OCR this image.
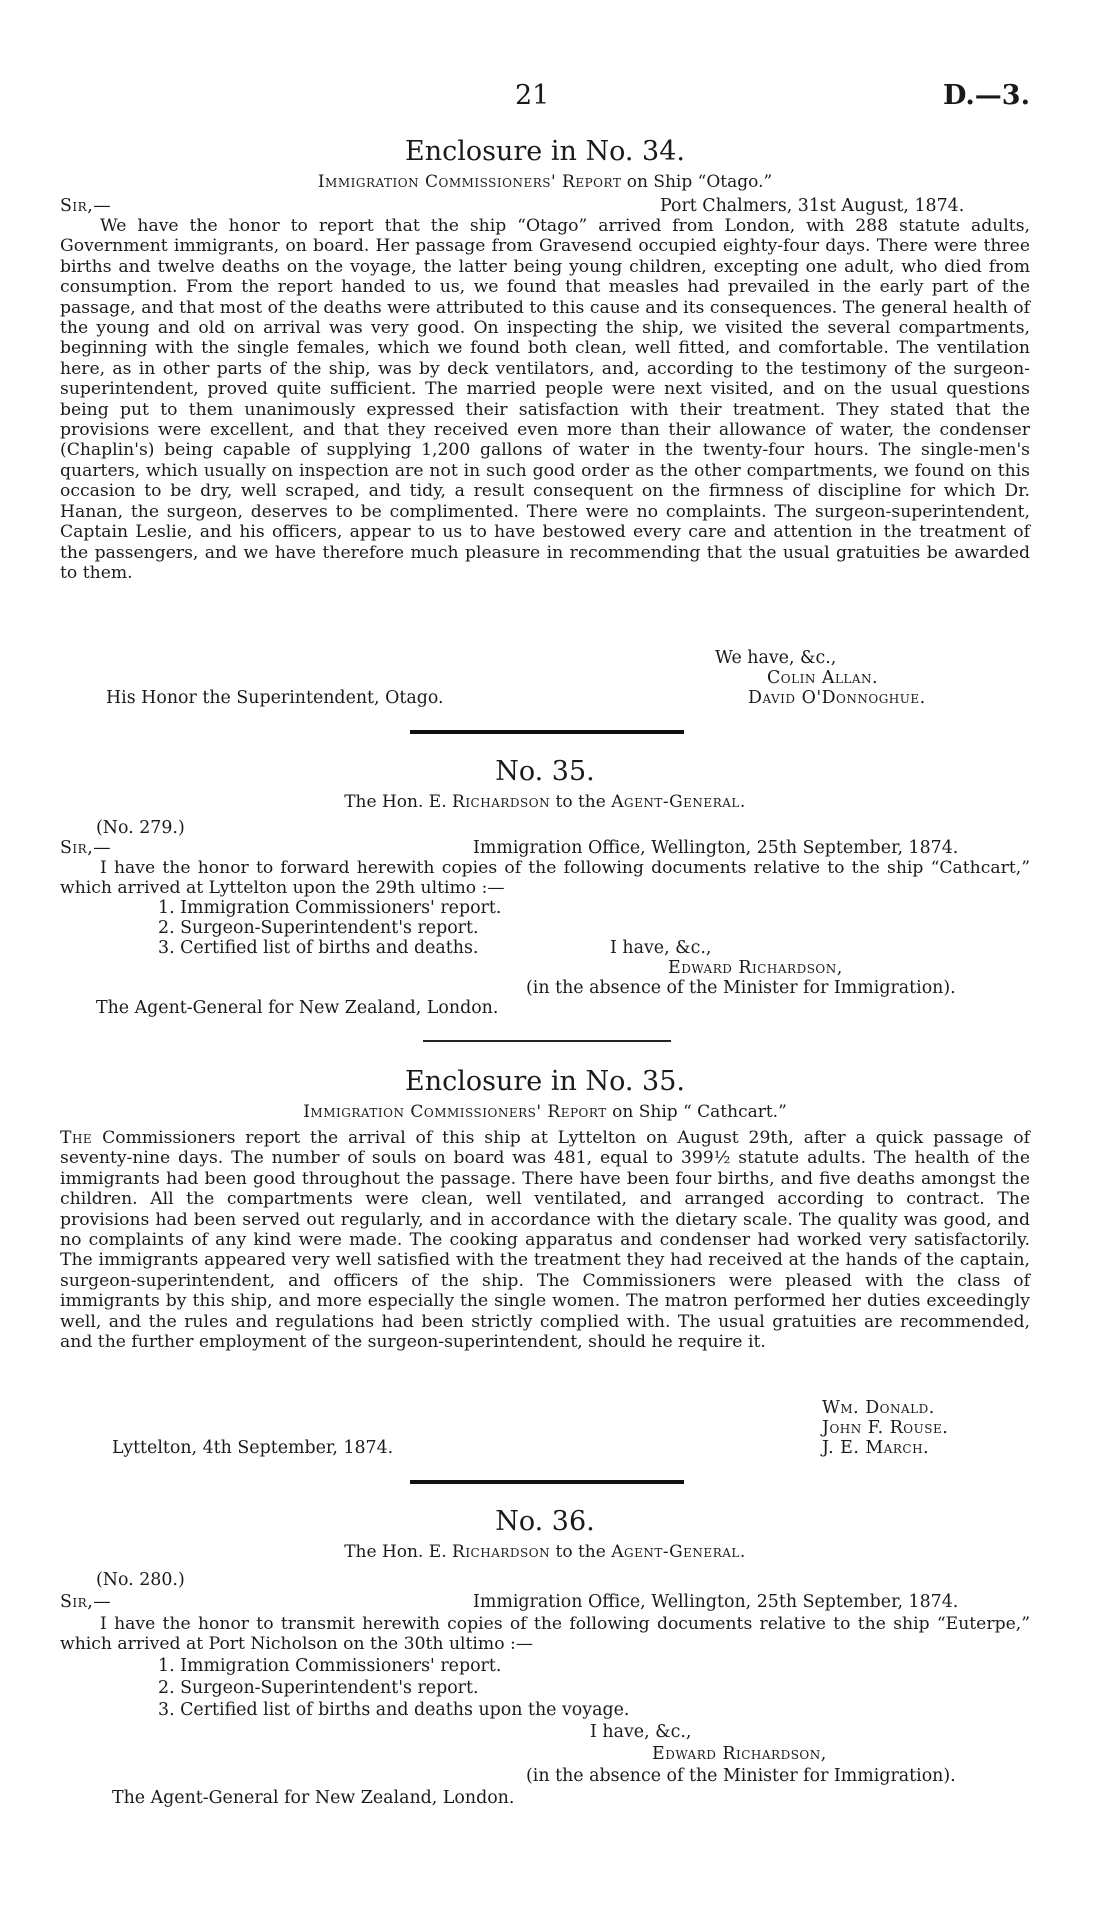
21	D.—3.
Enclosure in No. 34.
Immigration Commissioners' Report on Ship “Otago.”
Sir,—	Port Chalmers, 31st August, 1874.

We have the honor to report that the ship “Otago” arrived from London, with 288 statute adults, Government immigrants, on board. Her passage from Gravesend occupied eighty-four days. There were three births and twelve deaths on the voyage, the latter being young children, excepting one adult, who died from consumption. From the report handed to us, we found that measles had prevailed in the early part of the passage, and that most of the deaths were attributed to this cause and its consequences. The general health of the young and old on arrival was very good. On inspecting the ship, we visited the several compartments, beginning with the single females, which we found both clean, well fitted, and comfortable. The ventilation here, as in other parts of the ship, was by deck ventilators, and, according to the testimony of the surgeon-superintendent, proved quite sufficient. The married people were next visited, and on the usual questions being put to them unanimously expressed their satisfaction with their treatment. They stated that the provisions were excellent, and that they received even more than their allowance of water, the condenser (Chaplin's) being capable of supplying 1,200 gallons of water in the twenty-four hours. The single-men's quarters, which usually on inspection are not in such good order as the other compartments, we found on this occasion to be dry, well scraped, and tidy, a result consequent on the firmness of discipline for which Dr. Hanan, the surgeon, deserves to be complimented. There were no complaints. The surgeon-superintendent, Captain Leslie, and his officers, appear to us to have bestowed every care and attention in the treatment of the passengers, and we have therefore much pleasure in recommending that the usual gratuities be awarded to them.

We have, &c.,
Colin Allan.
His Honor the Superintendent, Otago.	David O'Donnoghue.
No. 35.
The Hon. E. Richardson to the Agent-General.
(No. 279.)
Sir,—	Immigration Office, Wellington, 25th September, 1874.

I have the honor to forward herewith copies of the following documents relative to the ship “Cathcart,” which arrived at Lyttelton upon the 29th ultimo :—

1. Immigration Commissioners' report.
2. Surgeon-Superintendent's report.
3. Certified list of births and deaths.	I have, &c.,
Edward Richardson,
(in the absence of the Minister for Immigration).
The Agent-General for New Zealand, London.
Enclosure in No. 35.
Immigration Commissioners' Report on Ship “ Cathcart.”

The Commissioners report the arrival of this ship at Lyttelton on August 29th, after a quick passage of seventy-nine days. The number of souls on board was 481, equal to 399½ statute adults. The health of the immigrants had been good throughout the passage. There have been four births, and five deaths amongst the children. All the compartments were clean, well ventilated, and arranged according to contract. The provisions had been served out regularly, and in accordance with the dietary scale. The quality was good, and no complaints of any kind were made. The cooking apparatus and condenser had worked very satisfactorily. The immigrants appeared very well satisfied with the treatment they had received at the hands of the captain, surgeon-superintendent, and officers of the ship. The Commissioners were pleased with the class of immigrants by this ship, and more especially the single women. The matron performed her duties exceedingly well, and the rules and regulations had been strictly complied with. The usual gratuities are recommended, and the further employment of the surgeon-superintendent, should he require it.

Wm. Donald.
John F. Rouse.
Lyttelton, 4th September, 1874.	J. E. March.
No. 36.
The Hon. E. Richardson to the Agent-General.
(No. 280.)
Sir,—	Immigration Office, Wellington, 25th September, 1874.

I have the honor to transmit herewith copies of the following documents relative to the ship “Euterpe,” which arrived at Port Nicholson on the 30th ultimo :—

1. Immigration Commissioners' report.
2. Surgeon-Superintendent's report.
3. Certified list of births and deaths upon the voyage.
I have, &c.,
Edward Richardson,
(in the absence of the Minister for Immigration).
The Agent-General for New Zealand, London.
